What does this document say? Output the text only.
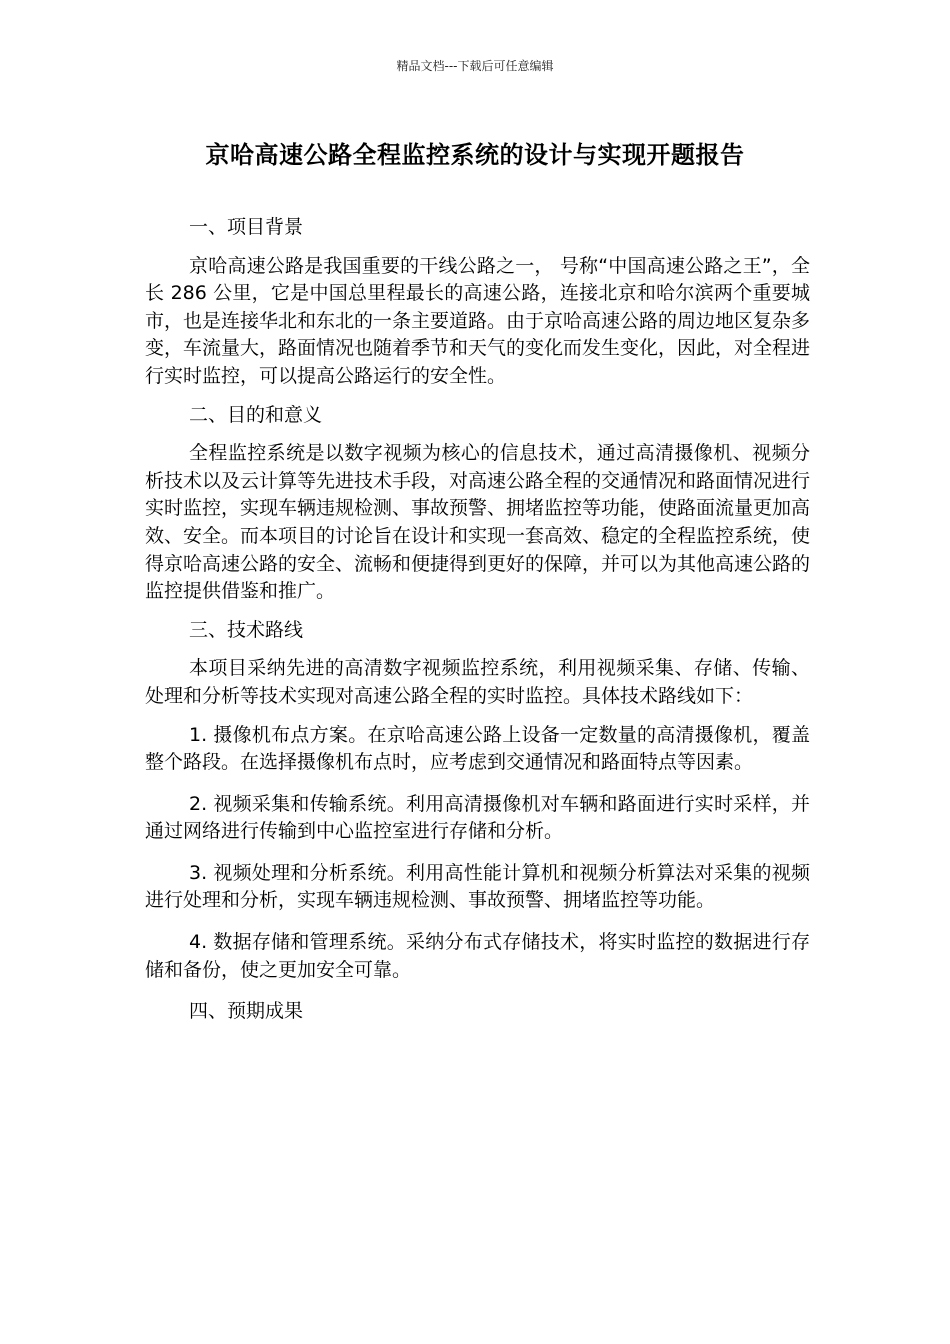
精品文档---下载后可任意编辑
京哈高速公路全程监控系统的设计与实现开题报告

一、项目背景

京哈高速公路是我国重要的干线公路之一， 号称“中国高速公路之王”，全长 286 公里，它是中国总里程最长的高速公路，连接北京和哈尔滨两个重要城市，也是连接华北和东北的一条主要道路。由于京哈高速公路的周边地区复杂多变，车流量大，路面情况也随着季节和天气的变化而发生变化，因此，对全程进行实时监控，可以提高公路运行的安全性。

二、目的和意义

全程监控系统是以数字视频为核心的信息技术，通过高清摄像机、视频分析技术以及云计算等先进技术手段，对高速公路全程的交通情况和路面情况进行实时监控，实现车辆违规检测、事故预警、拥堵监控等功能，使路面流量更加高效、安全。而本项目的讨论旨在设计和实现一套高效、稳定的全程监控系统，使得京哈高速公路的安全、流畅和便捷得到更好的保障，并可以为其他高速公路的监控提供借鉴和推广。

三、技术路线

本项目采纳先进的高清数字视频监控系统，利用视频采集、存储、传输、处理和分析等技术实现对高速公路全程的实时监控。具体技术路线如下：

1. 摄像机布点方案。在京哈高速公路上设备一定数量的高清摄像机，覆盖整个路段。在选择摄像机布点时，应考虑到交通情况和路面特点等因素。

2. 视频采集和传输系统。利用高清摄像机对车辆和路面进行实时采样，并通过网络进行传输到中心监控室进行存储和分析。

3. 视频处理和分析系统。利用高性能计算机和视频分析算法对采集的视频进行处理和分析，实现车辆违规检测、事故预警、拥堵监控等功能。

4. 数据存储和管理系统。采纳分布式存储技术，将实时监控的数据进行存储和备份，使之更加安全可靠。

四、预期成果
